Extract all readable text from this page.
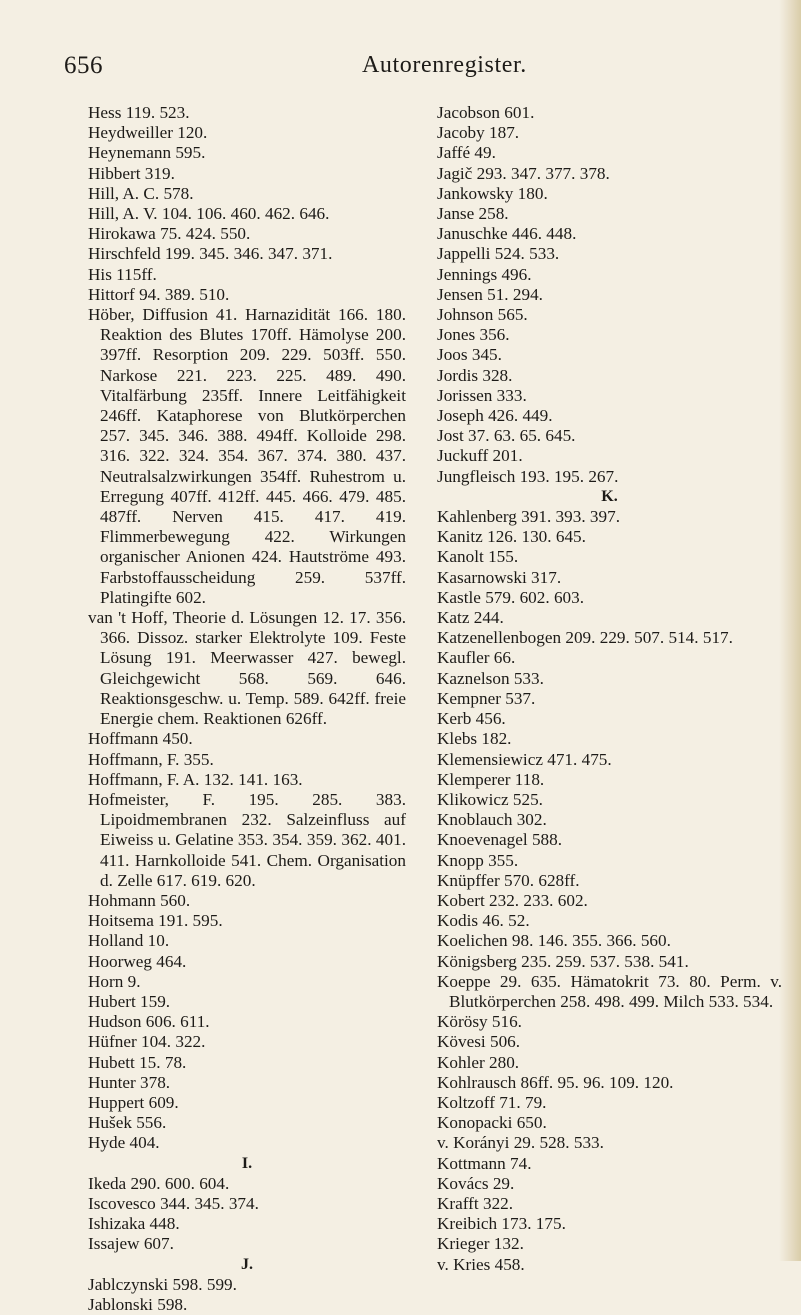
656	Autorenregister.

Hess 119. 523.

Heydweiller 120.

Heynemann 595.

Hibbert 319.

Hill, A. C. 578.

Hill, A. V. 104. 106. 460. 462. 646.

Hirokawa 75. 424. 550.

Hirschfeld 199. 345. 346. 347. 371.

His 115ff.

Hittorf 94. 389. 510.

Höber, Diffusion 41. Harnazidität 166. 180. Reaktion des Blutes 170ff. Hämolyse 200. 397ff. Resorption 209. 229. 503ff. 550. Narkose 221. 223. 225. 489. 490. Vitalfärbung 235ff. Innere Leitfähigkeit 246ff. Kataphorese von Blutkörperchen 257. 345. 346. 388. 494ff. Kolloide 298. 316. 322. 324. 354. 367. 374. 380. 437. Neutralsalzwirkungen 354ff. Ruhestrom u. Erregung 407ff. 412ff. 445. 466. 479. 485. 487ff. Nerven 415. 417. 419. Flimmerbewegung 422. Wirkungen organischer Anionen 424. Hautströme 493. Farbstoffausscheidung 259. 537ff. Platingifte 602.

van 't Hoff, Theorie d. Lösungen 12. 17. 356. 366. Dissoz. starker Elektrolyte 109. Feste Lösung 191. Meerwasser 427. bewegl. Gleichgewicht 568. 569. 646. Reaktionsgeschw. u. Temp. 589. 642ff. freie Energie chem. Reaktionen 626ff.

Hoffmann 450.

Hoffmann, F. 355.

Hoffmann, F. A. 132. 141. 163.

Hofmeister, F. 195. 285. 383. Lipoidmembranen 232. Salzeinfluss auf Eiweiss u. Gelatine 353. 354. 359. 362. 401. 411. Harnkolloide 541. Chem. Organisation d. Zelle 617. 619. 620.

Hohmann 560.

Hoitsema 191. 595.

Holland 10.

Hoorweg 464.

Horn 9.

Hubert 159.

Hudson 606. 611.

Hüfner 104. 322.

Hubett 15. 78.

Hunter 378.

Huppert 609.

Hušek 556.

Hyde 404.

I.

Ikeda 290. 600. 604.

Iscovesco 344. 345. 374.

Ishizaka 448.

Issajew 607.

J.

Jablczynski 598. 599.

Jablonski 598.

Jacobson 601.

Jacoby 187.

Jaffé 49.

Jagič 293. 347. 377. 378.

Jankowsky 180.

Janse 258.

Januschke 446. 448.

Jappelli 524. 533.

Jennings 496.

Jensen 51. 294.

Johnson 565.

Jones 356.

Joos 345.

Jordis 328.

Jorissen 333.

Joseph 426. 449.

Jost 37. 63. 65. 645.

Juckuff 201.

Jungfleisch 193. 195. 267.

K.

Kahlenberg 391. 393. 397.

Kanitz 126. 130. 645.

Kanolt 155.

Kasarnowski 317.

Kastle 579. 602. 603.

Katz 244.

Katzenellenbogen 209. 229. 507. 514. 517.

Kaufler 66.

Kaznelson 533.

Kempner 537.

Kerb 456.

Klebs 182.

Klemensiewicz 471. 475.

Klemperer 118.

Klikowicz 525.

Knoblauch 302.

Knoevenagel 588.

Knopp 355.

Knüpffer 570. 628ff.

Kobert 232. 233. 602.

Kodis 46. 52.

Koelichen 98. 146. 355. 366. 560.

Königsberg 235. 259. 537. 538. 541.

Koeppe 29. 635. Hämatokrit 73. 80. Perm. v. Blutkörperchen 258. 498. 499. Milch 533. 534.

Körösy 516.

Kövesi 506.

Kohler 280.

Kohlrausch 86ff. 95. 96. 109. 120.

Koltzoff 71. 79.

Konopacki 650.

v. Korányi 29. 528. 533.

Kottmann 74.

Kovács 29.

Krafft 322.

Kreibich 173. 175.

Krieger 132.

v. Kries 458.
